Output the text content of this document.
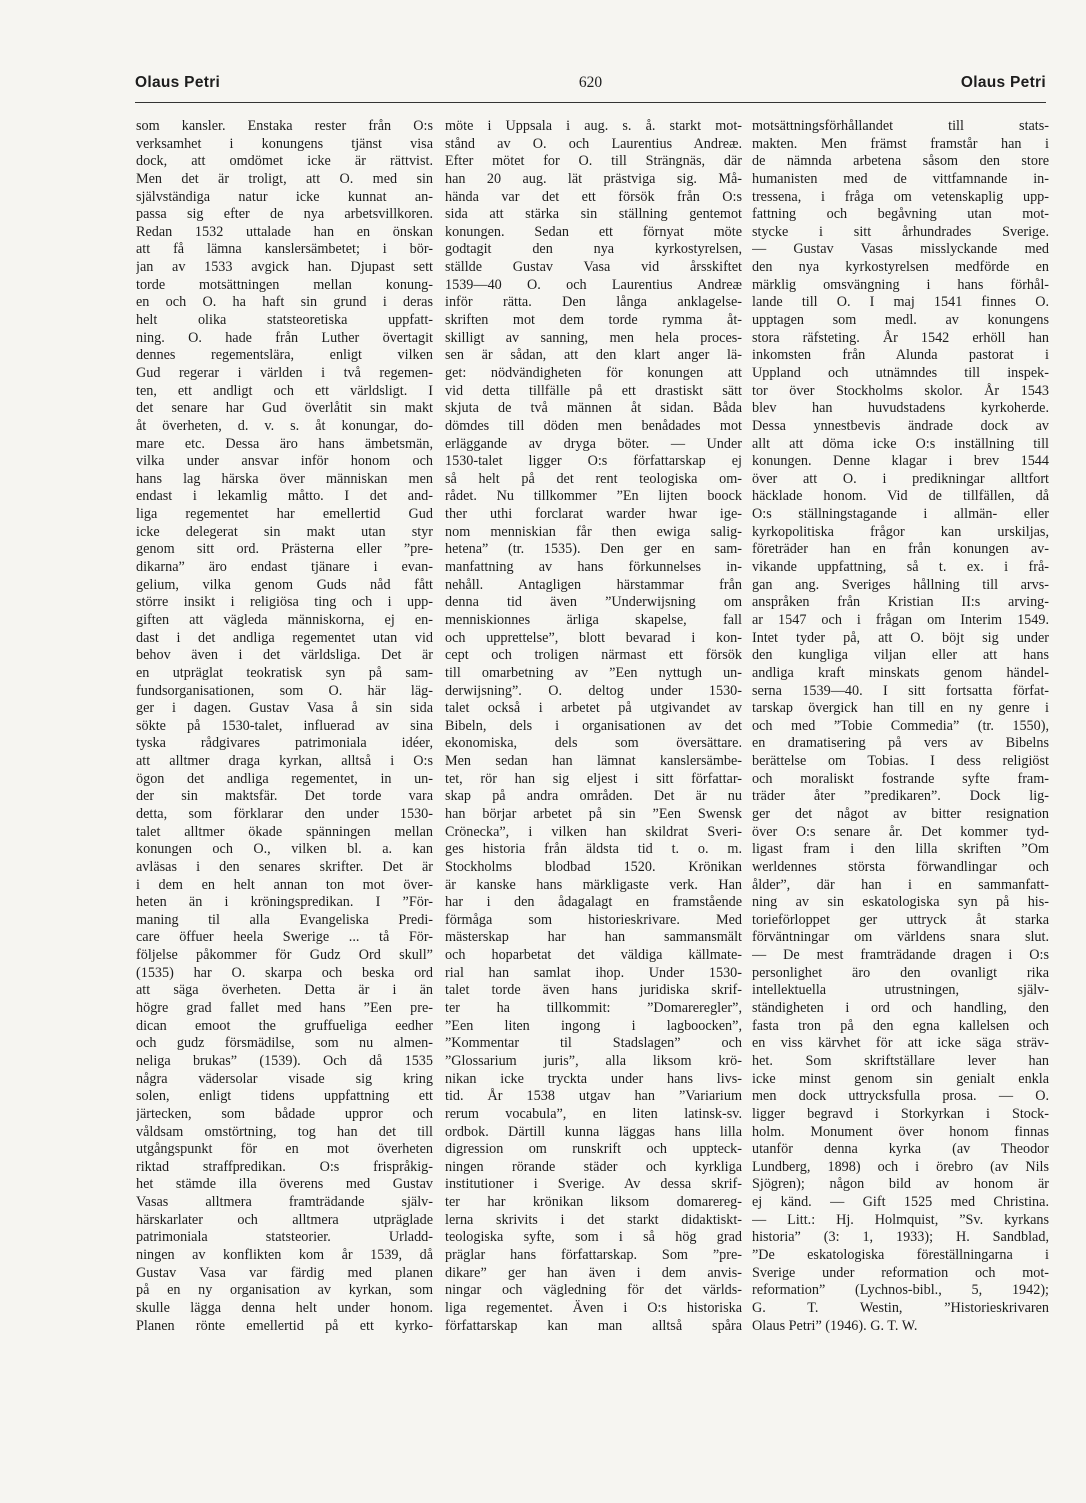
Olaus Petri	620	Olaus Petri
som kansler. Enstaka rester från O:s
verksamhet i konungens tjänst visa
dock, att omdömet icke är rättvist.
Men det är troligt, att O. med sin
självständiga natur icke kunnat an-
passa sig efter de nya arbetsvillkoren.
Redan 1532 uttalade han en önskan
att få lämna kanslersämbetet; i bör-
jan av 1533 avgick han. Djupast sett
torde motsättningen mellan konung-
en och O. ha haft sin grund i deras
helt olika statsteoretiska uppfatt-
ning. O. hade från Luther övertagit
dennes regementslära, enligt vilken
Gud regerar i världen i två regemen-
ten, ett andligt och ett världsligt. I
det senare har Gud överlåtit sin makt
åt överheten, d. v. s. åt konungar, do-
mare etc. Dessa äro hans ämbetsmän,
vilka under ansvar inför honom och
hans lag härska över människan men
endast i lekamlig måtto. I det and-
liga regementet har emellertid Gud
icke delegerat sin makt utan styr
genom sitt ord. Prästerna eller ”pre-
dikarna” äro endast tjänare i evan-
gelium, vilka genom Guds nåd fått
större insikt i religiösa ting och i upp-
giften att vägleda människorna, ej en-
dast i det andliga regementet utan vid
behov även i det världsliga. Det är
en utpräglat teokratisk syn på sam-
fundsorganisationen, som O. här läg-
ger i dagen. Gustav Vasa å sin sida
sökte på 1530-talet, influerad av sina
tyska rådgivares patrimoniala idéer,
att alltmer draga kyrkan, alltså i O:s
ögon det andliga regementet, in un-
der sin maktsfär. Det torde vara
detta, som förklarar den under 1530-
talet alltmer ökade spänningen mellan
konungen och O., vilken bl. a. kan
avläsas i den senares skrifter. Det är
i dem en helt annan ton mot över-
heten än i kröningspredikan. I ”För-
maning til alla Evangeliska Predi-
care öffuer heela Swerige ... tå För-
följelse påkommer för Gudz Ord skull”
(1535) har O. skarpa och beska ord
att säga överheten. Detta är i än
högre grad fallet med hans ”Een pre-
dican emoot the gruffueliga eedher
och gudz försmädilse, som nu almen-
neliga brukas” (1539). Och då 1535
några vädersolar visade sig kring
solen, enligt tidens uppfattning ett
järtecken, som bådade uppror och
våldsam omstörtning, tog han det till
utgångspunkt för en mot överheten
riktad straffpredikan. O:s frispråkig-
het stämde illa överens med Gustav
Vasas alltmera framträdande själv-
härskarlater och alltmera utpräglade
patrimoniala statsteorier. Urladd-
ningen av konflikten kom år 1539, då
Gustav Vasa var färdig med planen
på en ny organisation av kyrkan, som
skulle lägga denna helt under honom.
Planen rönte emellertid på ett kyrko-
möte i Uppsala i aug. s. å. starkt mot-
stånd av O. och Laurentius Andreæ.
Efter mötet for O. till Strängnäs, där
han 20 aug. lät prästviga sig. Må-
hända var det ett försök från O:s
sida att stärka sin ställning gentemot
konungen. Sedan ett förnyat möte
godtagit den nya kyrkostyrelsen,
ställde Gustav Vasa vid årsskiftet
1539—40 O. och Laurentius Andreæ
inför rätta. Den långa anklagelse-
skriften mot dem torde rymma åt-
skilligt av sanning, men hela proces-
sen är sådan, att den klart anger lä-
get: nödvändigheten för konungen att
vid detta tillfälle på ett drastiskt sätt
skjuta de två männen åt sidan. Båda
dömdes till döden men benådades mot
erläggande av dryga böter. — Under
1530-talet ligger O:s författarskap ej
så helt på det rent teologiska om-
rådet. Nu tillkommer ”En lijten boock
ther uthi forclarat warder hwar ige-
nom menniskian får then ewiga salig-
hetena” (tr. 1535). Den ger en sam-
manfattning av hans förkunnelses in-
nehåll. Antagligen härstammar från
denna tid även ”Underwijsning om
menniskionnes ärliga skapelse, fall
och upprettelse”, blott bevarad i kon-
cept och troligen närmast ett försök
till omarbetning av ”Een nyttugh un-
derwijsning”. O. deltog under 1530-
talet också i arbetet på utgivandet av
Bibeln, dels i organisationen av det
ekonomiska, dels som översättare.
Men sedan han lämnat kanslersämbe-
tet, rör han sig eljest i sitt författar-
skap på andra områden. Det är nu
han börjar arbetet på sin ”Een Swensk
Crönecka”, i vilken han skildrat Sveri-
ges historia från äldsta tid t. o. m.
Stockholms blodbad 1520. Krönikan
är kanske hans märkligaste verk. Han
har i den ådagalagt en framstående
förmåga som historieskrivare. Med
mästerskap har han sammansmält
och hoparbetat det väldiga källmate-
rial han samlat ihop. Under 1530-
talet torde även hans juridiska skrif-
ter ha tillkommit: ”Domareregler”,
”Een liten ingong i lagboocken”,
”Kommentar til Stadslagen” och
”Glossarium juris”, alla liksom krö-
nikan icke tryckta under hans livs-
tid. År 1538 utgav han ”Variarium
rerum vocabula”, en liten latinsk-sv.
ordbok. Därtill kunna läggas hans lilla
digression om runskrift och uppteck-
ningen rörande städer och kyrkliga
institutioner i Sverige. Av dessa skrif-
ter har krönikan liksom domarereg-
lerna skrivits i det starkt didaktiskt-
teologiska syfte, som i så hög grad
präglar hans författarskap. Som ”pre-
dikare” ger han även i dem anvis-
ningar och vägledning för det världs-
liga regementet. Även i O:s historiska
författarskap kan man alltså spåra
motsättningsförhållandet till stats-
makten. Men främst framstår han i
de nämnda arbetena såsom den store
humanisten med de vittfamnande in-
tressena, i fråga om vetenskaplig upp-
fattning och begåvning utan mot-
stycke i sitt århundrades Sverige.
— Gustav Vasas misslyckande med
den nya kyrkostyrelsen medförde en
märklig omsvängning i hans förhål-
lande till O. I maj 1541 finnes O.
upptagen som medl. av konungens
stora räfsteting. År 1542 erhöll han
inkomsten från Alunda pastorat i
Uppland och utnämndes till inspek-
tor över Stockholms skolor. År 1543
blev han huvudstadens kyrkoherde.
Dessa ynnestbevis ändrade dock av
allt att döma icke O:s inställning till
konungen. Denne klagar i brev 1544
över att O. i predikningar alltfort
häcklade honom. Vid de tillfällen, då
O:s ställningstagande i allmän- eller
kyrkopolitiska frågor kan urskiljas,
företräder han en från konungen av-
vikande uppfattning, så t. ex. i frå-
gan ang. Sveriges hållning till arvs-
anspråken från Kristian II:s arving-
ar 1547 och i frågan om Interim 1549.
Intet tyder på, att O. böjt sig under
den kungliga viljan eller att hans
andliga kraft minskats genom händel-
serna 1539—40. I sitt fortsatta förfat-
tarskap övergick han till en ny genre i
och med ”Tobie Commedia” (tr. 1550),
en dramatisering på vers av Bibelns
berättelse om Tobias. I dess religiöst
och moraliskt fostrande syfte fram-
träder åter ”predikaren”. Dock lig-
ger det något av bitter resignation
över O:s senare år. Det kommer tyd-
ligast fram i den lilla skriften ”Om
werldennes största förwandlingar och
ålder”, där han i en sammanfatt-
ning av sin eskatologiska syn på his-
torieförloppet ger uttryck åt starka
förväntningar om världens snara slut.
— De mest framträdande dragen i O:s
personlighet äro den ovanligt rika
intellektuella utrustningen, själv-
ständigheten i ord och handling, den
fasta tron på den egna kallelsen och
en viss kärvhet för att icke säga sträv-
het. Som skriftställare lever han
icke minst genom sin genialt enkla
men dock uttrycksfulla prosa. — O.
ligger begravd i Storkyrkan i Stock-
holm. Monument över honom finnas
utanför denna kyrka (av Theodor
Lundberg, 1898) och i örebro (av Nils
Sjögren); någon bild av honom är
ej känd. — Gift 1525 med Christina.
— Litt.: Hj. Holmquist, ”Sv. kyrkans
historia” (3: 1, 1933); H. Sandblad,
”De eskatologiska föreställningarna i
Sverige under reformation och mot-
reformation” (Lychnos-bibl., 5, 1942);
G. T. Westin, ”Historieskrivaren
Olaus Petri” (1946). G. T. W.
